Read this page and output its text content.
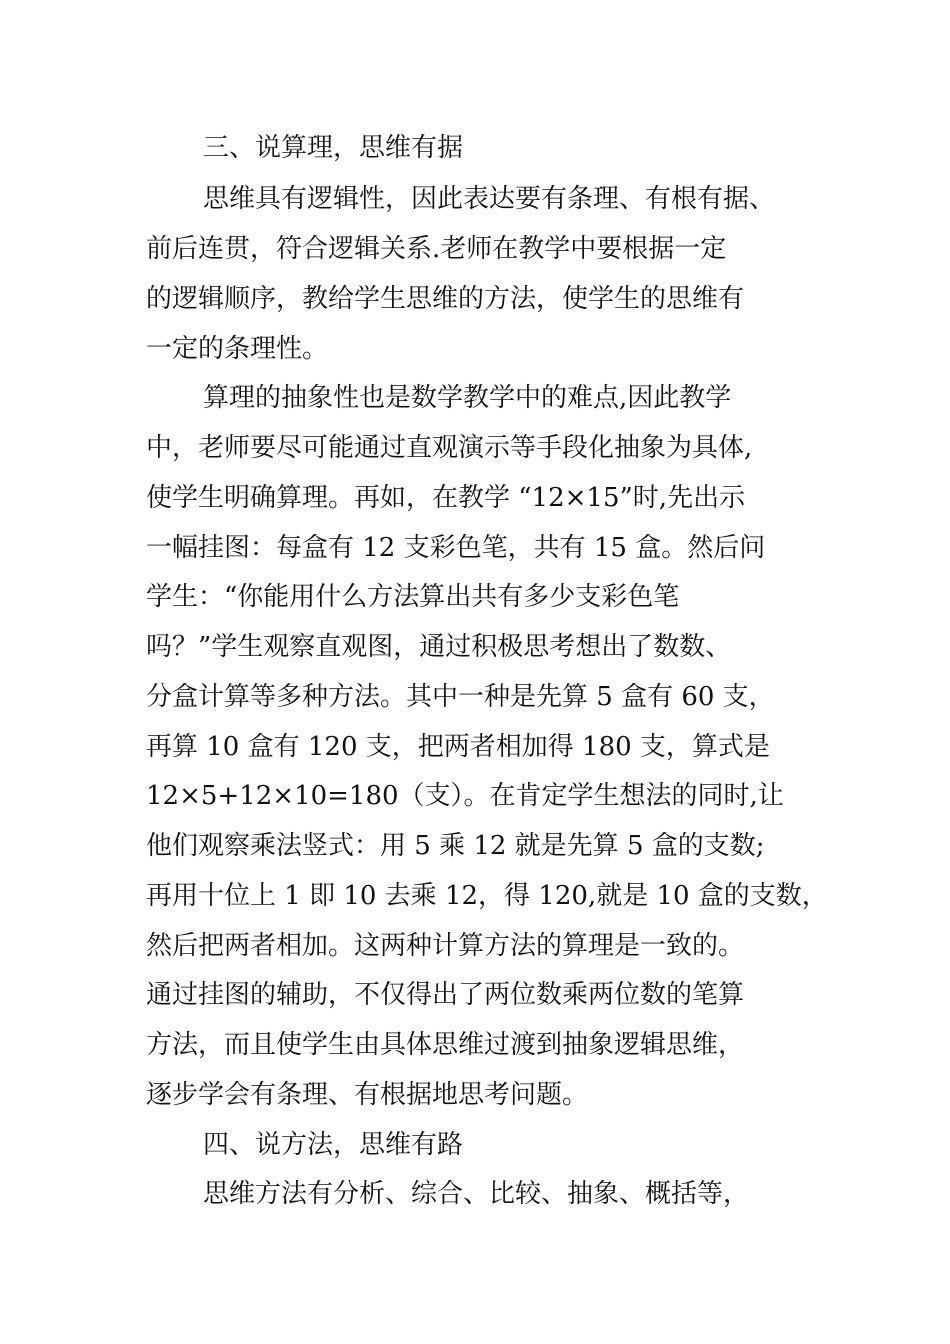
三、说算理，思维有据
思维具有逻辑性，因此表达要有条理、有根有据、
前后连贯，符合逻辑关系.老师在教学中要根据一定
的逻辑顺序，教给学生思维的方法，使学生的思维有
一定的条理性。
算理的抽象性也是数学教学中的难点,因此教学
中，老师要尽可能通过直观演示等手段化抽象为具体,
使学生明确算理。再如，在教学 “12×15”时,先出示
一幅挂图：每盒有 12 支彩色笔，共有 15 盒。然后问
学生：“你能用什么方法算出共有多少支彩色笔
吗？”学生观察直观图，通过积极思考想出了数数、
分盒计算等多种方法。其中一种是先算 5 盒有 60 支，
再算 10 盒有 120 支，把两者相加得 180 支，算式是
12×5+12×10=180（支）。在肯定学生想法的同时,让
他们观察乘法竖式：用 5 乘 12 就是先算 5 盒的支数;
再用十位上 1 即 10 去乘 12，得 120,就是 10 盒的支数，
然后把两者相加。这两种计算方法的算理是一致的。
通过挂图的辅助，不仅得出了两位数乘两位数的笔算
方法，而且使学生由具体思维过渡到抽象逻辑思维，
逐步学会有条理、有根据地思考问题。
四、说方法，思维有路
思维方法有分析、综合、比较、抽象、概括等，
